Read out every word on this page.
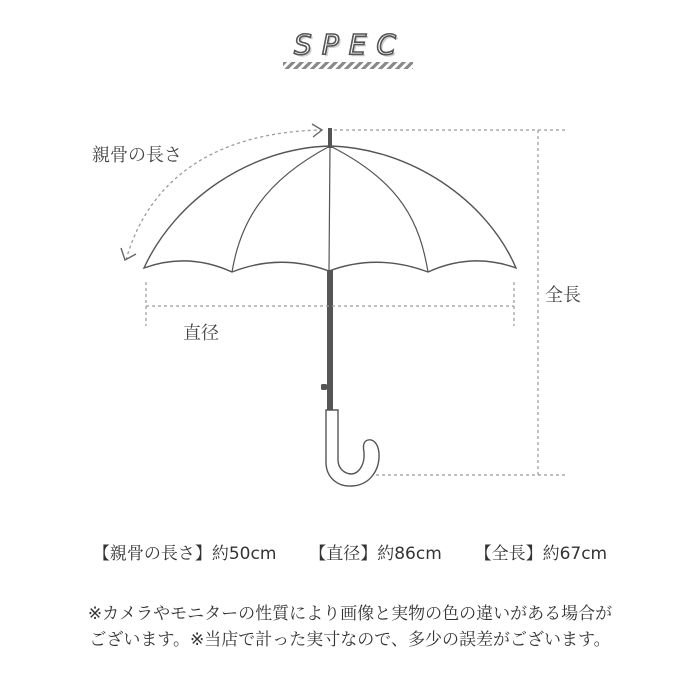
SPEC
親骨の長さ
直径
全長
【親骨の長さ】約50cm 【直径】約86cm 【全長】約67cm
※カメラやモニターの性質により画像と実物の色の違いがある場合が
ございます。※当店で計った実寸なので、多少の誤差がございます。
